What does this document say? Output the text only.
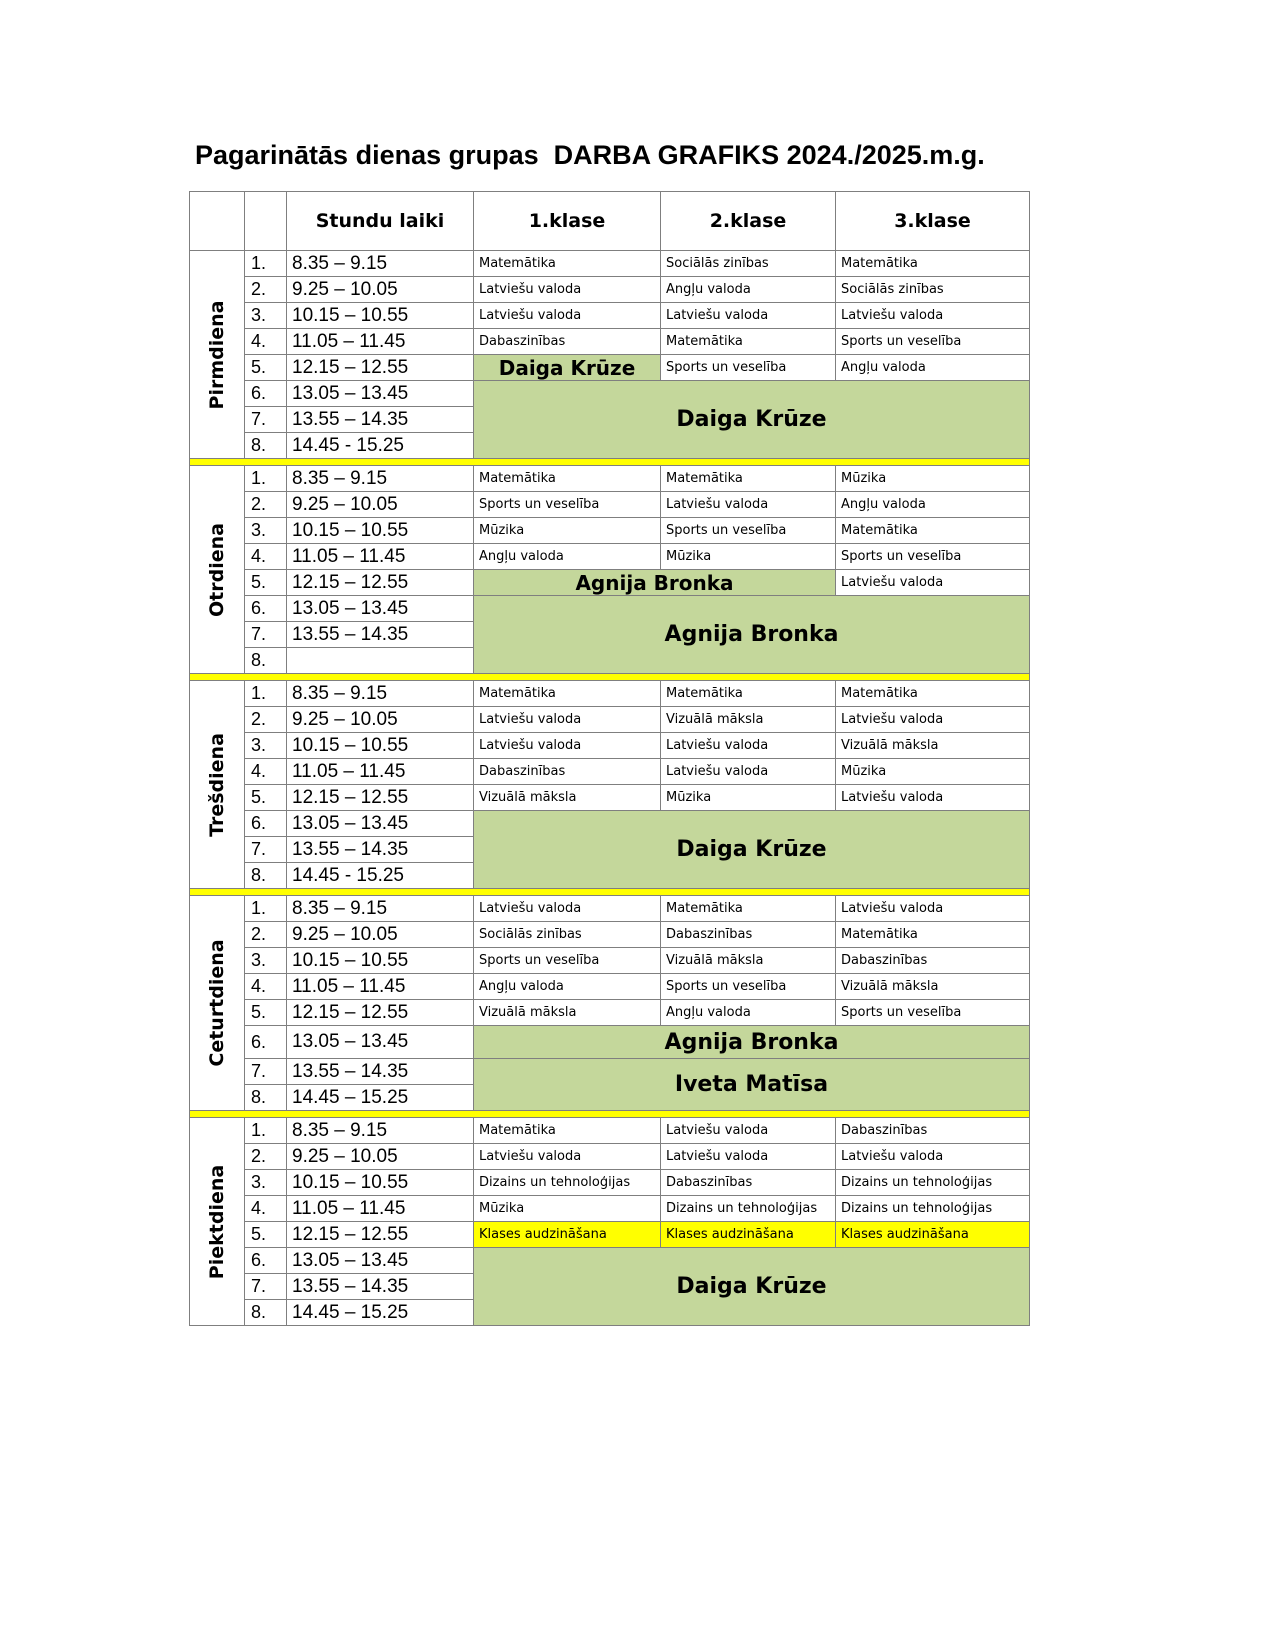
Pagarinātās dienas grupas  DARBA GRAFIKS 2024./2025.m.g.
		Stundu laiki	1.klase	2.klase	3.klase

Pirmdiena	1.	8.35 – 9.15	Matemātika	Sociālās zinības	Matemātika
	2.	9.25 – 10.05	Latviešu valoda	Angļu valoda	Sociālās zinības
	3.	10.15 – 10.55	Latviešu valoda	Latviešu valoda	Latviešu valoda
	4.	11.05 – 11.45	Dabaszinības	Matemātika	Sports un veselība
	5.	12.15 – 12.55	Daiga Krūze	Sports un veselība	Angļu valoda
	6.	13.05 – 13.45	Daiga Krūze		
	7.	13.55 – 14.35			
	8.	14.45 - 15.25			

Otrdiena	1.	8.35 – 9.15	Matemātika	Matemātika	Mūzika
	2.	9.25 – 10.05	Sports un veselība	Latviešu valoda	Angļu valoda
	3.	10.15 – 10.55	Mūzika	Sports un veselība	Matemātika
	4.	11.05 – 11.45	Angļu valoda	Mūzika	Sports un veselība
	5.	12.15 – 12.55	Agnija Bronka		Latviešu valoda
	6.	13.05 – 13.45	Agnija Bronka		
	7.	13.55 – 14.35			
	8.				

Trešdiena	1.	8.35 – 9.15	Matemātika	Matemātika	Matemātika
	2.	9.25 – 10.05	Latviešu valoda	Vizuālā māksla	Latviešu valoda
	3.	10.15 – 10.55	Latviešu valoda	Latviešu valoda	Vizuālā māksla
	4.	11.05 – 11.45	Dabaszinības	Latviešu valoda	Mūzika
	5.	12.15 – 12.55	Vizuālā māksla	Mūzika	Latviešu valoda
	6.	13.05 – 13.45	Daiga Krūze		
	7.	13.55 – 14.35			
	8.	14.45 - 15.25			

Ceturtdiena	1.	8.35 – 9.15	Latviešu valoda	Matemātika	Latviešu valoda
	2.	9.25 – 10.05	Sociālās zinības	Dabaszinības	Matemātika
	3.	10.15 – 10.55	Sports un veselība	Vizuālā māksla	Dabaszinības
	4.	11.05 – 11.45	Angļu valoda	Sports un veselība	Vizuālā māksla
	5.	12.15 – 12.55	Vizuālā māksla	Angļu valoda	Sports un veselība
	6.	13.05 – 13.45	Agnija Bronka		
	7.	13.55 – 14.35	Iveta Matīsa		
	8.	14.45 – 15.25			

Piektdiena	1.	8.35 – 9.15	Matemātika	Latviešu valoda	Dabaszinības
	2.	9.25 – 10.05	Latviešu valoda	Latviešu valoda	Latviešu valoda
	3.	10.15 – 10.55	Dizains un tehnoloģijas	Dabaszinības	Dizains un tehnoloģijas
	4.	11.05 – 11.45	Mūzika	Dizains un tehnoloģijas	Dizains un tehnoloģijas
	5.	12.15 – 12.55	Klases audzināšana	Klases audzināšana	Klases audzināšana
	6.	13.05 – 13.45	Daiga Krūze		
	7.	13.55 – 14.35			
	8.	14.45 – 15.25			
